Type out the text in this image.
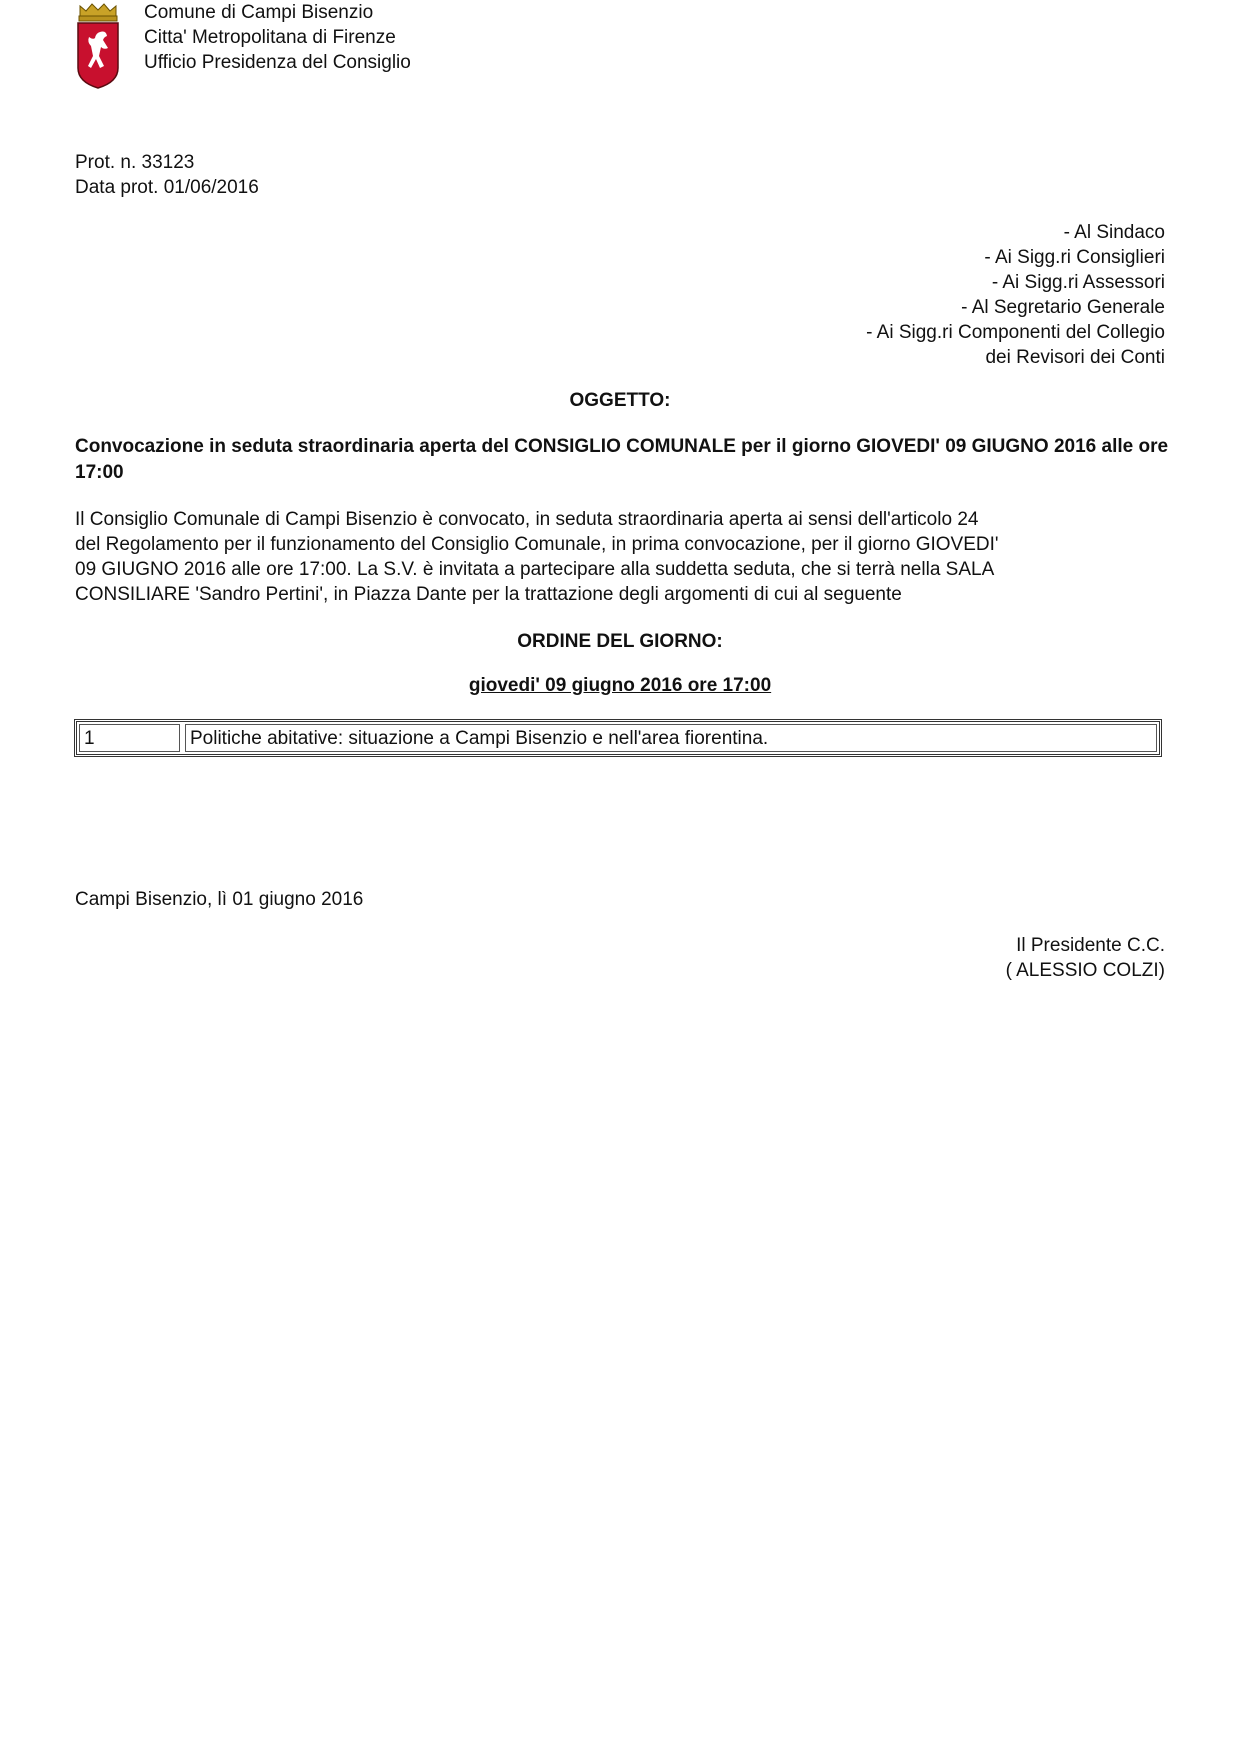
Comune di Campi Bisenzio
Citta' Metropolitana di Firenze
Ufficio Presidenza del Consiglio
Prot. n. 33123
Data prot. 01/06/2016
- Al Sindaco
- Ai Sigg.ri Consiglieri
- Ai Sigg.ri Assessori
- Al Segretario Generale
- Ai Sigg.ri Componenti del Collegio
dei Revisori dei Conti
OGGETTO:
Convocazione in seduta straordinaria aperta del CONSIGLIO COMUNALE per il giorno GIOVEDI' 09 GIUGNO 2016 alle ore 17:00
Il Consiglio Comunale di Campi Bisenzio è convocato, in seduta straordinaria aperta ai sensi dell'articolo 24
del Regolamento per il funzionamento del Consiglio Comunale, in prima convocazione, per il giorno GIOVEDI'
09 GIUGNO 2016 alle ore 17:00. La S.V. è invitata a partecipare alla suddetta seduta, che si terrà nella SALA
CONSILIARE 'Sandro Pertini', in Piazza Dante per la trattazione degli argomenti di cui al seguente
ORDINE DEL GIORNO:
giovedi' 09 giugno 2016 ore 17:00
1	Politiche abitative: situazione a Campi Bisenzio e nell'area fiorentina.
Campi Bisenzio, lì 01 giugno 2016
Il Presidente C.C.
( ALESSIO COLZI)
